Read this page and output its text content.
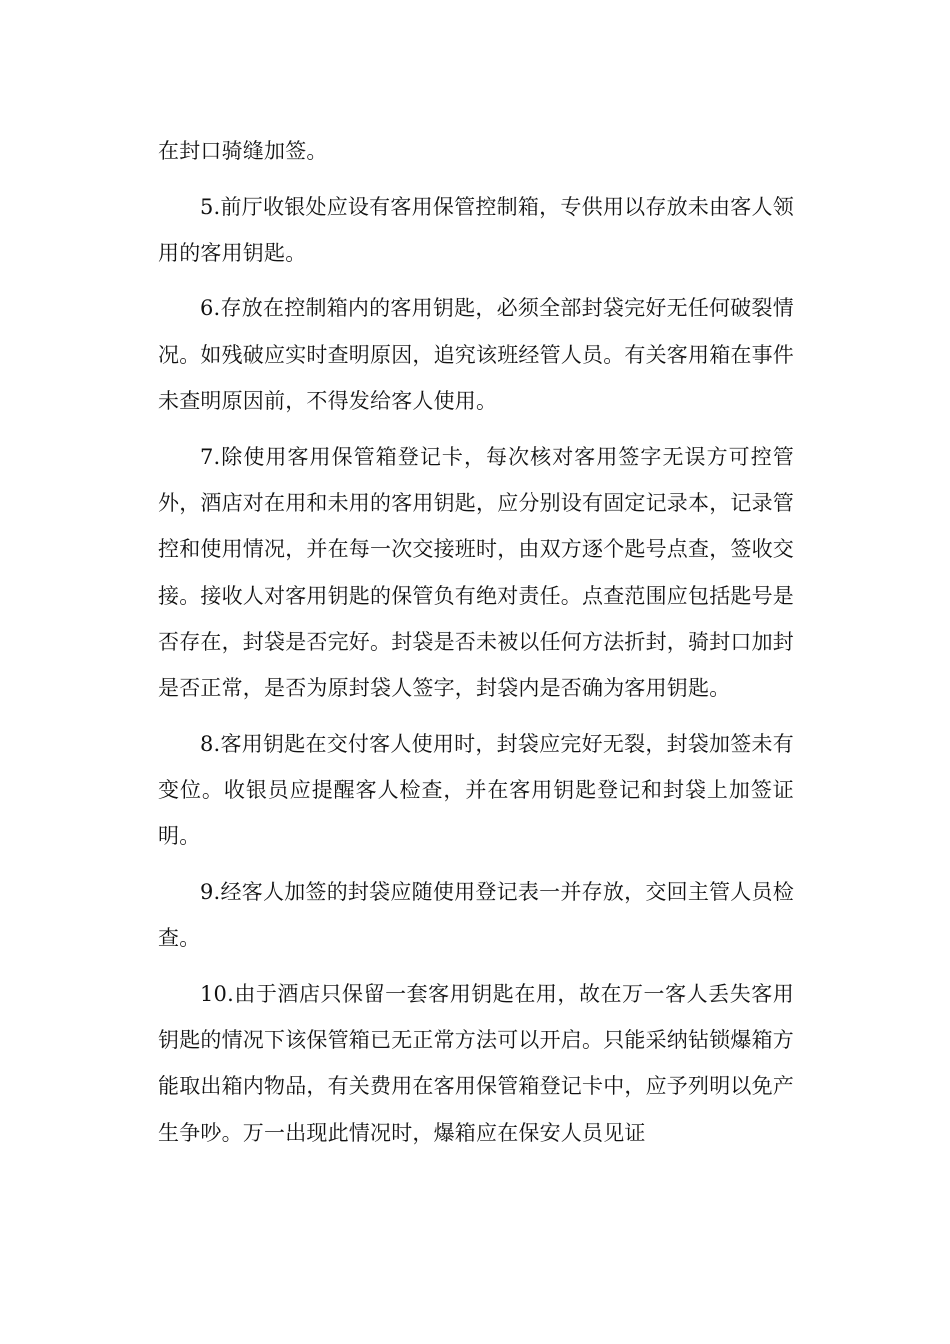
在封口骑缝加签。

5.前厅收银处应设有客用保管控制箱，专供用以存放未由客人领用的客用钥匙。

6.存放在控制箱内的客用钥匙，必须全部封袋完好无任何破裂情况。如残破应实时查明原因，追究该班经管人员。有关客用箱在事件未查明原因前，不得发给客人使用。

7.除使用客用保管箱登记卡，每次核对客用签字无误方可控管外，酒店对在用和未用的客用钥匙，应分别设有固定记录本，记录管控和使用情况，并在每一次交接班时，由双方逐个匙号点查，签收交接。接收人对客用钥匙的保管负有绝对责任。点查范围应包括匙号是否存在，封袋是否完好。封袋是否未被以任何方法折封，骑封口加封是否正常，是否为原封袋人签字，封袋内是否确为客用钥匙。

8.客用钥匙在交付客人使用时，封袋应完好无裂，封袋加签未有变位。收银员应提醒客人检查，并在客用钥匙登记和封袋上加签证明。

9.经客人加签的封袋应随使用登记表一并存放，交回主管人员检查。

10.由于酒店只保留一套客用钥匙在用，故在万一客人丢失客用钥匙的情况下该保管箱已无正常方法可以开启。只能采纳钻锁爆箱方能取出箱内物品，有关费用在客用保管箱登记卡中，应予列明以免产生争吵。万一出现此情况时，爆箱应在保安人员见证
